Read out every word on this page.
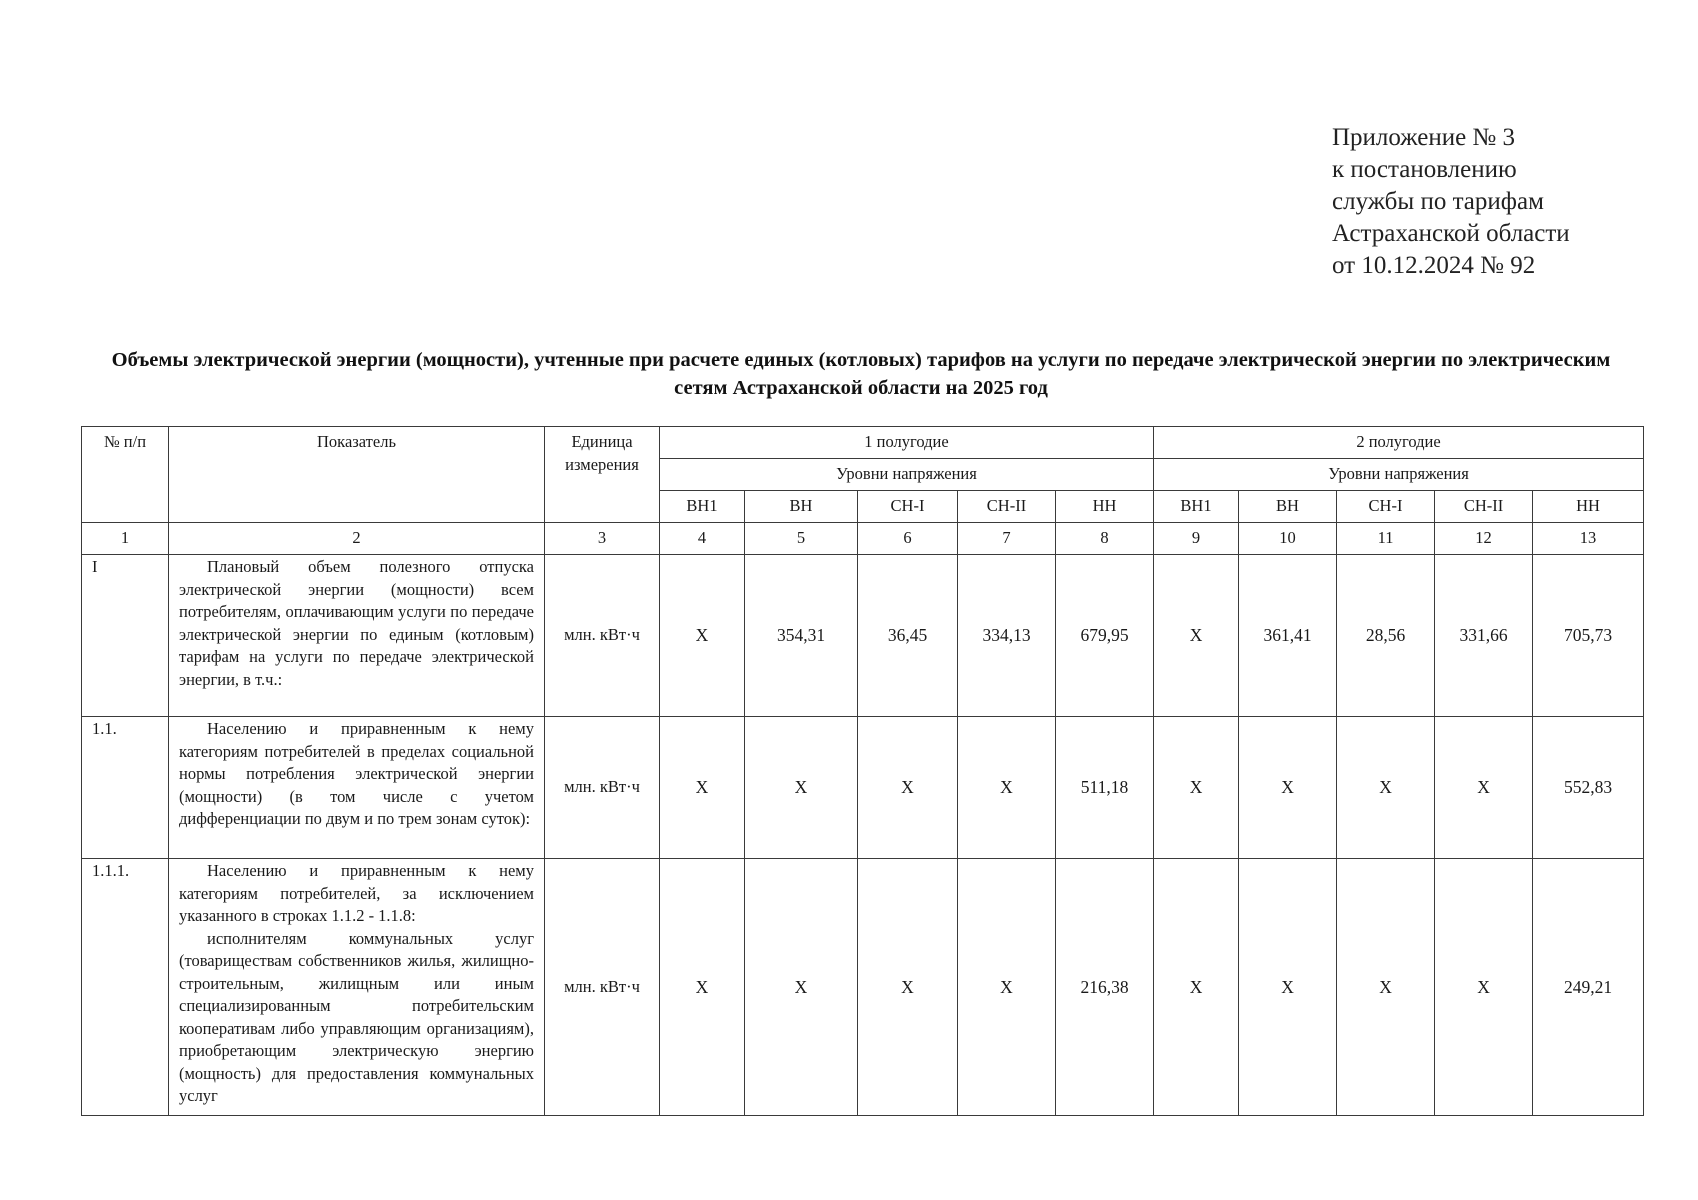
Приложение № 3
к постановлению
службы по тарифам
Астраханской области
от 10.12.2024 № 92
Объемы электрической энергии (мощности), учтенные при расчете единых (котловых) тарифов на услуги по передаче электрической энергии по электрическим сетям Астраханской области на 2025 год
№ п/п	Показатель	Единица измерения	1 полугодие					2 полугодие				
			Уровни напряжения					Уровни напряжения				
			ВН1	ВН	СН-I	СН-II	НН	ВН1	ВН	СН-I	СН-II	НН
1	2	3	4	5	6	7	8	9	10	11	12	13
I	Плановый объем полезного отпуска электрической энергии (мощности) всем потребителям, оплачивающим услуги по передаче электрической энергии по единым (котловым) тарифам на услуги по передаче электрической энергии, в т.ч.:	млн. кВт·ч	X	354,31	36,45	334,13	679,95	X	361,41	28,56	331,66	705,73
1.1.	Населению и приравненным к нему категориям потребителей в пределах социальной нормы потребления электрической энергии (мощности) (в том числе с учетом дифференциации по двум и по трем зонам суток):	млн. кВт·ч	X	X	X	X	511,18	X	X	X	X	552,83
1.1.1.	Населению и приравненным к нему категориям потребителей, за исключением указанного в строках 1.1.2 - 1.1.8:
исполнителям коммунальных услуг (товариществам собственников жилья, жилищно-строительным, жилищным или иным специализированным потребительским кооперативам либо управляющим организациям), приобретающим электрическую энергию (мощность) для предоставления коммунальных услуг	млн. кВт·ч	X	X	X	X	216,38	X	X	X	X	249,21
